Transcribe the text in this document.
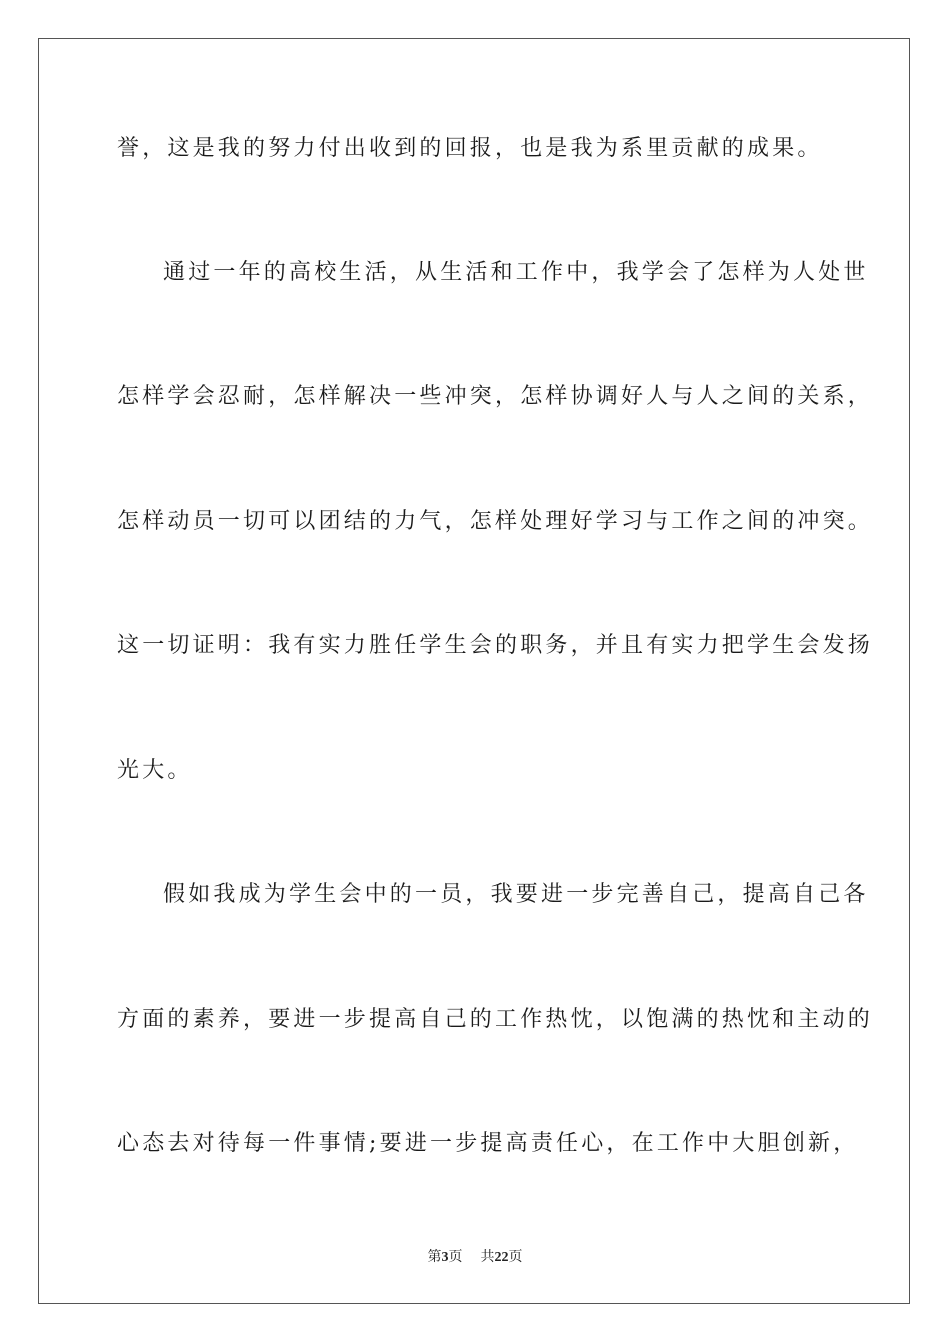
誉，这是我的努力付出收到的回报，也是我为系里贡献的成果。
通过一年的高校生活，从生活和工作中，我学会了怎样为人处世
怎样学会忍耐，怎样解决一些冲突，怎样协调好人与人之间的关系，
怎样动员一切可以团结的力气，怎样处理好学习与工作之间的冲突。
这一切证明：我有实力胜任学生会的职务，并且有实力把学生会发扬
光大。
假如我成为学生会中的一员，我要进一步完善自己，提高自己各
方面的素养，要进一步提高自己的工作热忱，以饱满的热忱和主动的
心态去对待每一件事情;要进一步提高责任心，在工作中大胆创新，
第3页 共22页
